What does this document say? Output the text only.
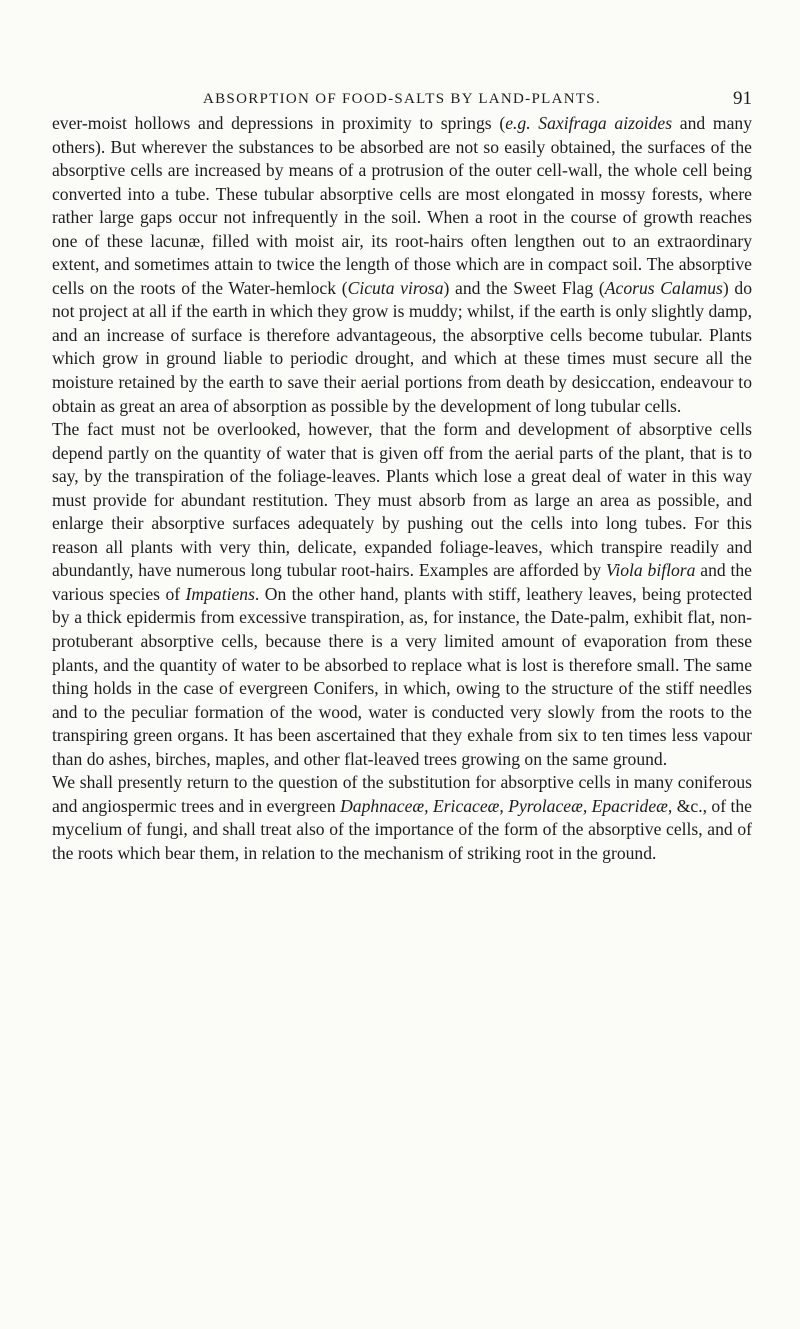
ABSORPTION OF FOOD-SALTS BY LAND-PLANTS.	91

ever-moist hollows and depressions in proximity to springs (e.g. Saxifraga aizoides and many others). But wherever the substances to be absorbed are not so easily obtained, the surfaces of the absorptive cells are increased by means of a protrusion of the outer cell-wall, the whole cell being converted into a tube. These tubular absorptive cells are most elongated in mossy forests, where rather large gaps occur not infrequently in the soil. When a root in the course of growth reaches one of these lacunæ, filled with moist air, its root-hairs often lengthen out to an extraordinary extent, and sometimes attain to twice the length of those which are in compact soil. The absorptive cells on the roots of the Water-hemlock (Cicuta virosa) and the Sweet Flag (Acorus Calamus) do not project at all if the earth in which they grow is muddy; whilst, if the earth is only slightly damp, and an increase of surface is therefore advantageous, the absorptive cells become tubular. Plants which grow in ground liable to periodic drought, and which at these times must secure all the moisture retained by the earth to save their aerial portions from death by desiccation, endeavour to obtain as great an area of absorption as possible by the development of long tubular cells.

The fact must not be overlooked, however, that the form and development of absorptive cells depend partly on the quantity of water that is given off from the aerial parts of the plant, that is to say, by the transpiration of the foliage-leaves. Plants which lose a great deal of water in this way must provide for abundant restitution. They must absorb from as large an area as possible, and enlarge their absorptive surfaces adequately by pushing out the cells into long tubes. For this reason all plants with very thin, delicate, expanded foliage-leaves, which transpire readily and abundantly, have numerous long tubular root-hairs. Examples are afforded by Viola biflora and the various species of Impatiens. On the other hand, plants with stiff, leathery leaves, being protected by a thick epidermis from excessive transpiration, as, for instance, the Date-palm, exhibit flat, non-protuberant absorptive cells, because there is a very limited amount of evaporation from these plants, and the quantity of water to be absorbed to replace what is lost is therefore small. The same thing holds in the case of evergreen Conifers, in which, owing to the structure of the stiff needles and to the peculiar formation of the wood, water is conducted very slowly from the roots to the transpiring green organs. It has been ascertained that they exhale from six to ten times less vapour than do ashes, birches, maples, and other flat-leaved trees growing on the same ground.

We shall presently return to the question of the substitution for absorptive cells in many coniferous and angiospermic trees and in evergreen Daphnaceæ, Ericaceæ, Pyrolaceæ, Epacrideæ, &c., of the mycelium of fungi, and shall treat also of the importance of the form of the absorptive cells, and of the roots which bear them, in relation to the mechanism of striking root in the ground.
